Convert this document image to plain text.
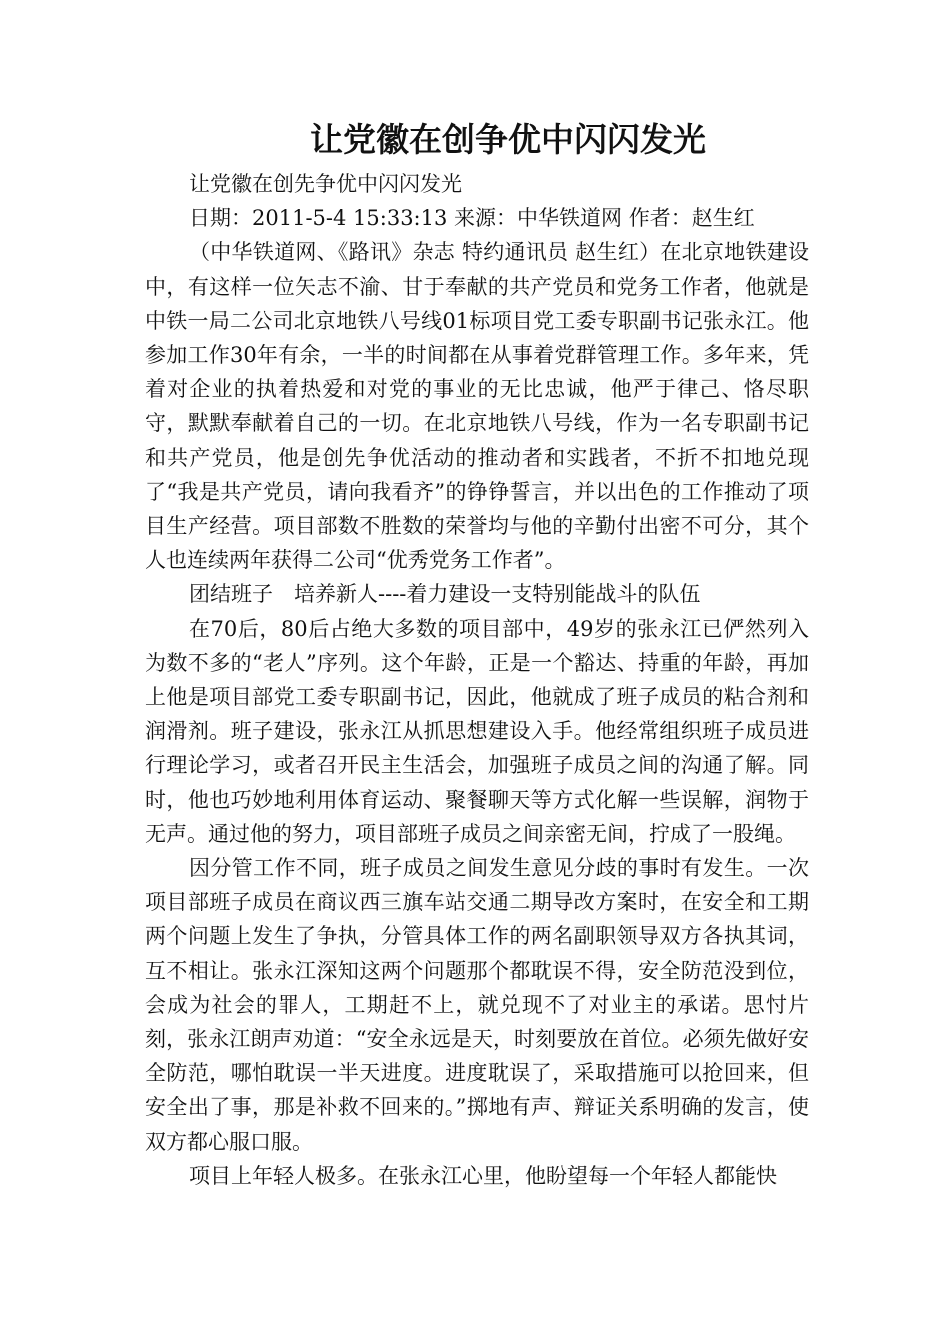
让党徽在创争优中闪闪发光

让党徽在创先争优中闪闪发光

日期：2011-5-4 15:33:13 来源：中华铁道网 作者：赵生红

（中华铁道网、《路讯》杂志 特约通讯员 赵生红）在北京地铁建设中，有这样一位矢志不渝、甘于奉献的共产党员和党务工作者，他就是中铁一局二公司北京地铁八号线01标项目党工委专职副书记张永江。他参加工作30年有余，一半的时间都在从事着党群管理工作。多年来，凭着对企业的执着热爱和对党的事业的无比忠诚，他严于律己、恪尽职守，默默奉献着自己的一切。在北京地铁八号线，作为一名专职副书记和共产党员，他是创先争优活动的推动者和实践者，不折不扣地兑现了“我是共产党员，请向我看齐”的铮铮誓言，并以出色的工作推动了项目生产经营。项目部数不胜数的荣誉均与他的辛勤付出密不可分，其个人也连续两年获得二公司“优秀党务工作者”。

团结班子　培养新人----着力建设一支特别能战斗的队伍

在70后，80后占绝大多数的项目部中，49岁的张永江已俨然列入为数不多的“老人”序列。这个年龄，正是一个豁达、持重的年龄，再加上他是项目部党工委专职副书记，因此，他就成了班子成员的粘合剂和润滑剂。班子建设，张永江从抓思想建设入手。他经常组织班子成员进行理论学习，或者召开民主生活会，加强班子成员之间的沟通了解。同时，他也巧妙地利用体育运动、聚餐聊天等方式化解一些误解，润物于无声。通过他的努力，项目部班子成员之间亲密无间，拧成了一股绳。

因分管工作不同，班子成员之间发生意见分歧的事时有发生。一次项目部班子成员在商议西三旗车站交通二期导改方案时，在安全和工期两个问题上发生了争执，分管具体工作的两名副职领导双方各执其词，互不相让。张永江深知这两个问题那个都耽误不得，安全防范没到位，会成为社会的罪人，工期赶不上，就兑现不了对业主的承诺。思忖片刻，张永江朗声劝道：“安全永远是天，时刻要放在首位。必须先做好安全防范，哪怕耽误一半天进度。进度耽误了，采取措施可以抢回来，但安全出了事，那是补救不回来的。”掷地有声、辩证关系明确的发言，使双方都心服口服。

项目上年轻人极多。在张永江心里，他盼望每一个年轻人都能快
